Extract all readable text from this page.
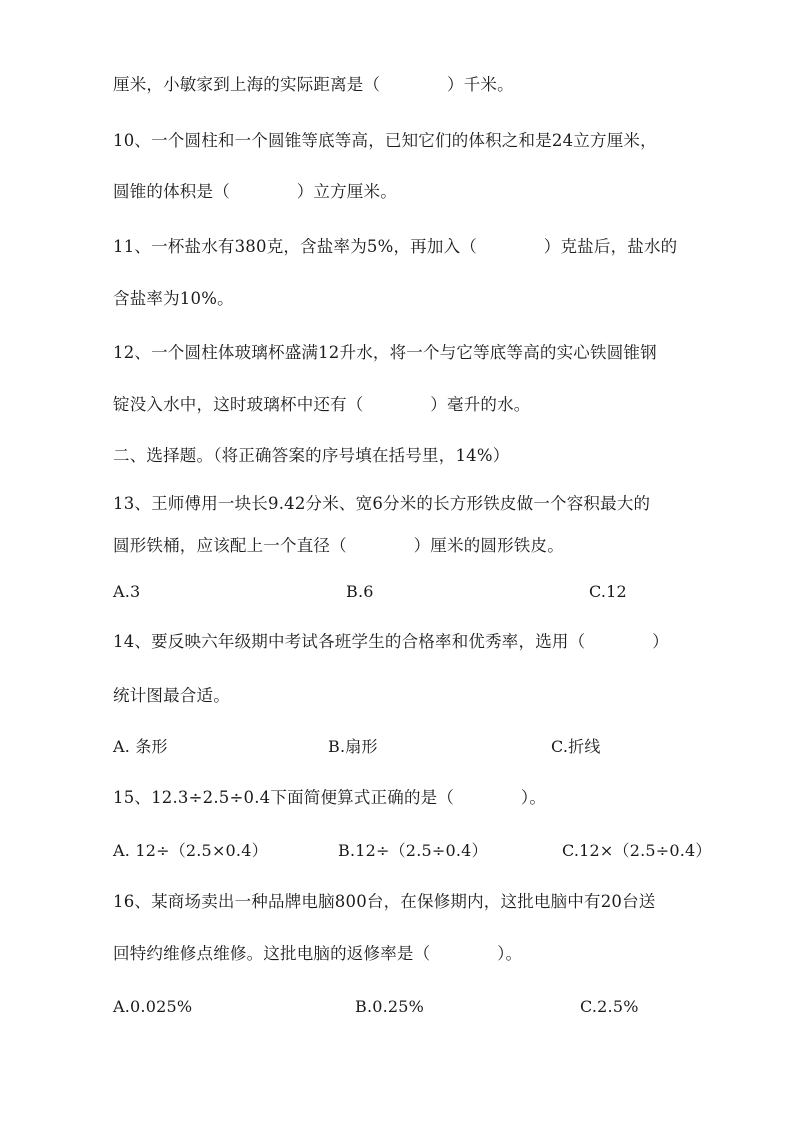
厘米，小敏家到上海的实际距离是（　　　　）千米。
10、一个圆柱和一个圆锥等底等高，已知它们的体积之和是24立方厘米，
圆锥的体积是（　　　　）立方厘米。
11、一杯盐水有380克，含盐率为5%，再加入（　　　　）克盐后，盐水的
含盐率为10%。
12、一个圆柱体玻璃杯盛满12升水，将一个与它等底等高的实心铁圆锥钢
锭没入水中，这时玻璃杯中还有（　　　　）毫升的水。
二、选择题。（将正确答案的序号填在括号里，14%）
13、王师傅用一块长9.42分米、宽6分米的长方形铁皮做一个容积最大的
圆形铁桶，应该配上一个直径（　　　　）厘米的圆形铁皮。
A.3	B.6	C.12
14、要反映六年级期中考试各班学生的合格率和优秀率，选用（　　　　）
统计图最合适。
A. 条形	B.扇形	C.折线
15、12.3÷2.5÷0.4下面简便算式正确的是（　　　　）。
A. 12÷（2.5×0.4）	B.12÷（2.5÷0.4）	C.12×（2.5÷0.4）
16、某商场卖出一种品牌电脑800台，在保修期内，这批电脑中有20台送
回特约维修点维修。这批电脑的返修率是（　　　　）。
A.0.025%	B.0.25%	C.2.5%
